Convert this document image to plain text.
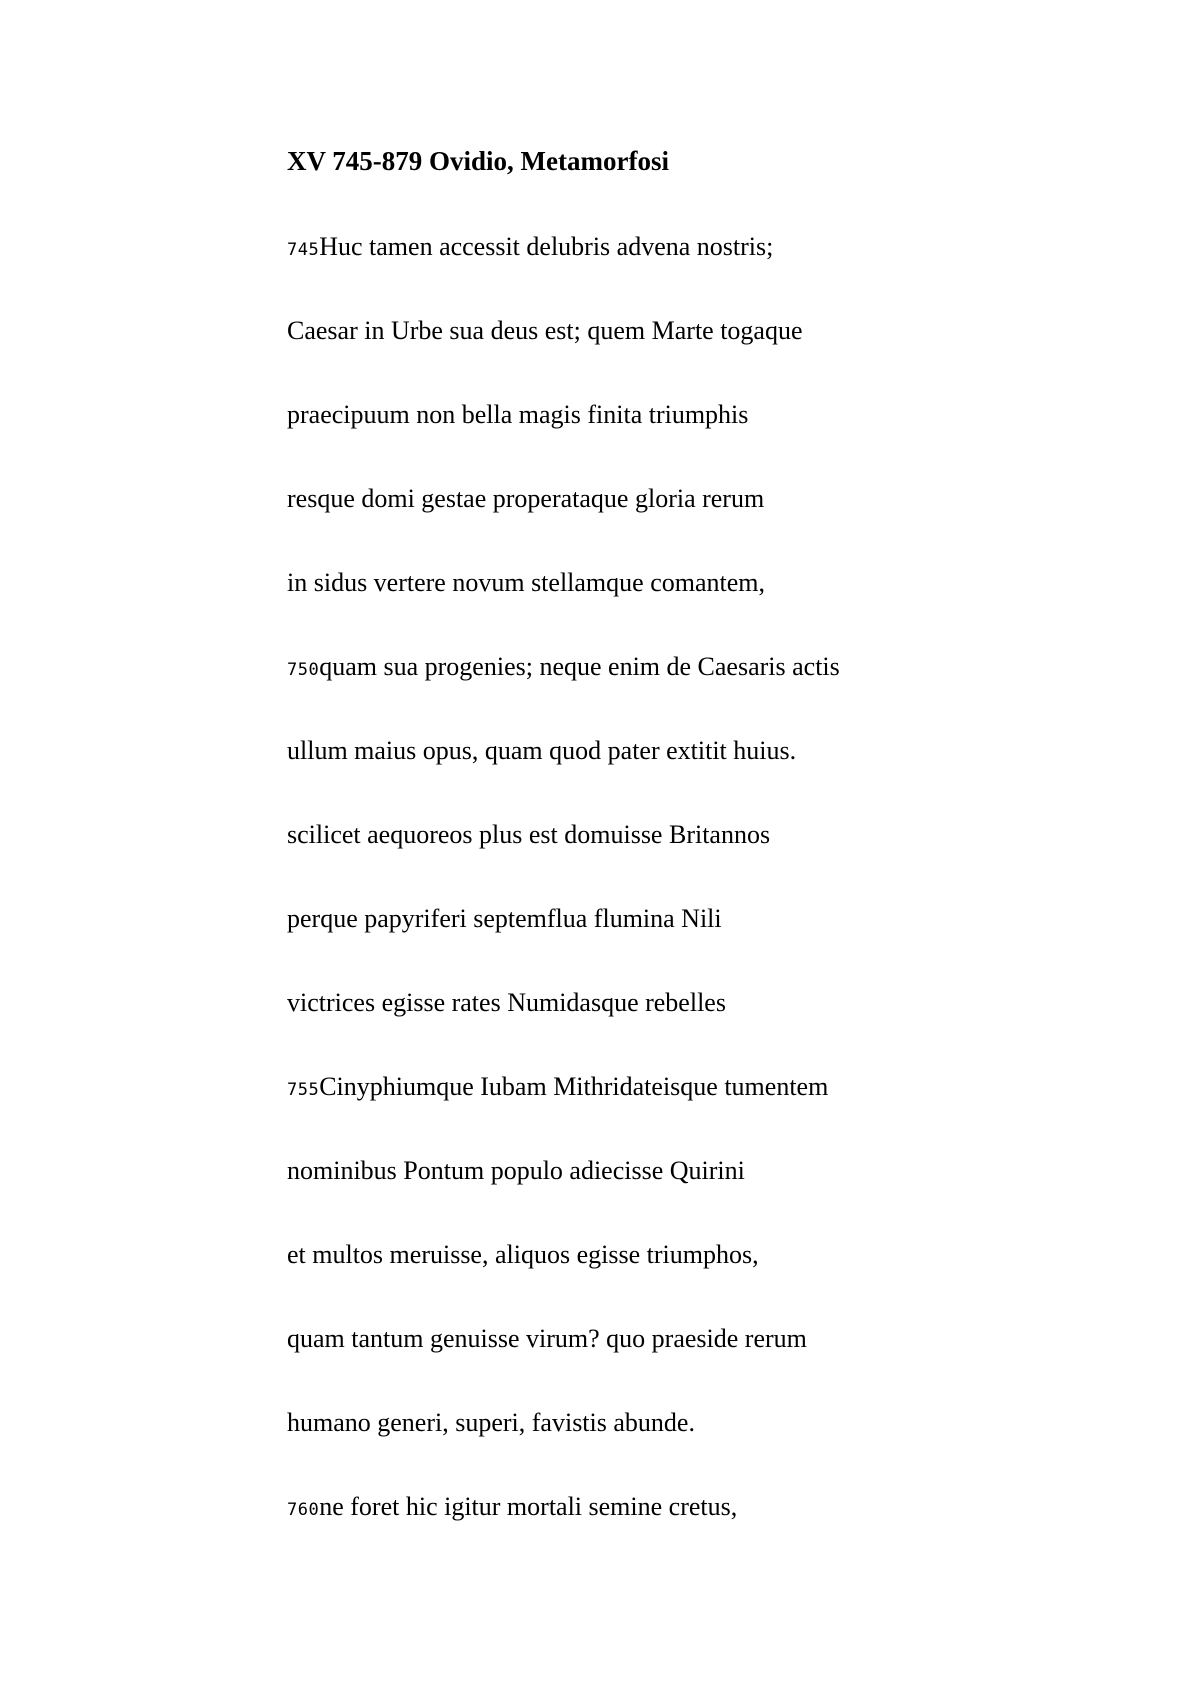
XV 745-879 Ovidio, Metamorfosi
745Huc tamen accessit delubris advena nostris;
Caesar in Urbe sua deus est; quem Marte togaque
praecipuum non bella magis finita triumphis
resque domi gestae properataque gloria rerum
in sidus vertere novum stellamque comantem,
750quam sua progenies; neque enim de Caesaris actis
ullum maius opus, quam quod pater extitit huius.
scilicet aequoreos plus est domuisse Britannos
perque papyriferi septemflua flumina Nili
victrices egisse rates Numidasque rebelles
755Cinyphiumque Iubam Mithridateisque tumentem
nominibus Pontum populo adiecisse Quirini
et multos meruisse, aliquos egisse triumphos,
quam tantum genuisse virum? quo praeside rerum
humano generi, superi, favistis abunde.
760ne foret hic igitur mortali semine cretus,
